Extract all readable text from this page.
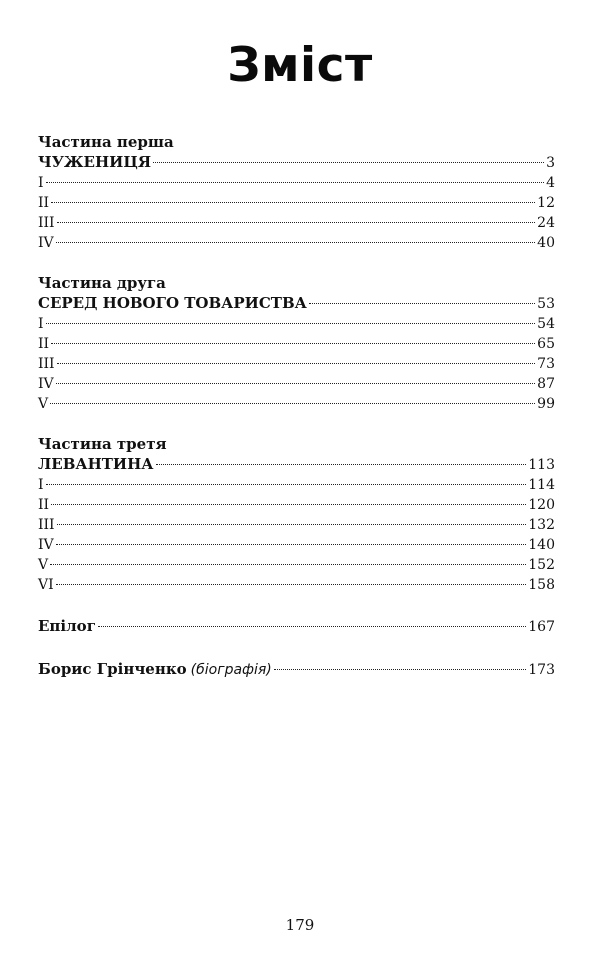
Зміст
Частина перша
ЧУЖЕНИЦЯ	3
I	4
II	12
III	24
IV	40
Частина друга
СЕРЕД НОВОГО ТОВАРИСТВА	53
I	54
II	65
III	73
IV	87
V	99
Частина третя
ЛЕВАНТИНА	113
I	114
II	120
III	132
IV	140
V	152
VI	158
Епілог	167
Борис Грінченко (біографія)	173
179
